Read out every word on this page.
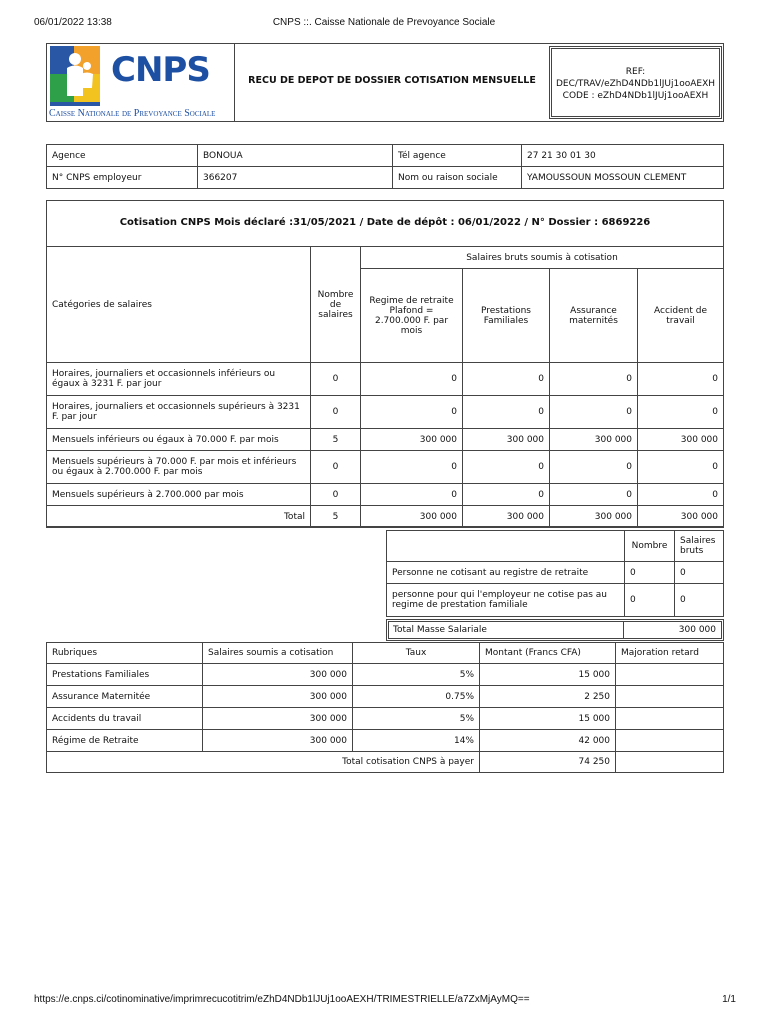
06/01/2022 13:38	CNPS ::. Caisse Nationale de Prevoyance Sociale
https://e.cnps.ci/cotinominative/imprimrecucotitrim/eZhD4NDb1lJUj1ooAEXH/TRIMESTRIELLE/a7ZxMjAyMQ==	1/1
CNPS
Caisse Nationale de Prevoyance Sociale
RECU DE DEPOT DE DOSSIER COTISATION MENSUELLE
REF:
DEC/TRAV/eZhD4NDb1lJUj1ooAEXH
CODE : eZhD4NDb1lJUj1ooAEXH
Agence	BONOUA	Tél agence	27 21 30 01 30
N° CNPS employeur	366207	Nom ou raison sociale	YAMOUSSOUN MOSSOUN CLEMENT
Cotisation CNPS Mois déclaré :31/05/2021 / Date de dépôt : 06/01/2022 / N° Dossier : 6869226
Catégories de salaires	Nombre de salaires	Salaires bruts soumis à cotisation			
		Regime de retraite Plafond = 2.700.000 F. par mois	Prestations Familiales	Assurance maternités	Accident de travail
Horaires, journaliers et occasionnels inférieurs ou égaux à 3231 F. par jour	0	0	0	0	0
Horaires, journaliers et occasionnels supérieurs à 3231 F. par jour	0	0	0	0	0
Mensuels inférieurs ou égaux à 70.000 F. par mois	5	300 000	300 000	300 000	300 000
Mensuels supérieurs à 70.000 F. par mois et inférieurs ou égaux à 2.700.000 F. par mois	0	0	0	0	0
Mensuels supérieurs à 2.700.000 par mois	0	0	0	0	0
Total	5	300 000	300 000	300 000	300 000
	Nombre	Salaires bruts
Personne ne cotisant au registre de retraite	0	0
personne pour qui l'employeur ne cotise pas au regime de prestation familiale	0	0
Total Masse Salariale	300 000
Rubriques	Salaires soumis a cotisation	Taux	Montant (Francs CFA)	Majoration retard
Prestations Familiales	300 000	5%	15 000	
Assurance Maternitée	300 000	0.75%	2 250	
Accidents du travail	300 000	5%	15 000	
Régime de Retraite	300 000	14%	42 000	
Total cotisation CNPS à payer			74 250	
